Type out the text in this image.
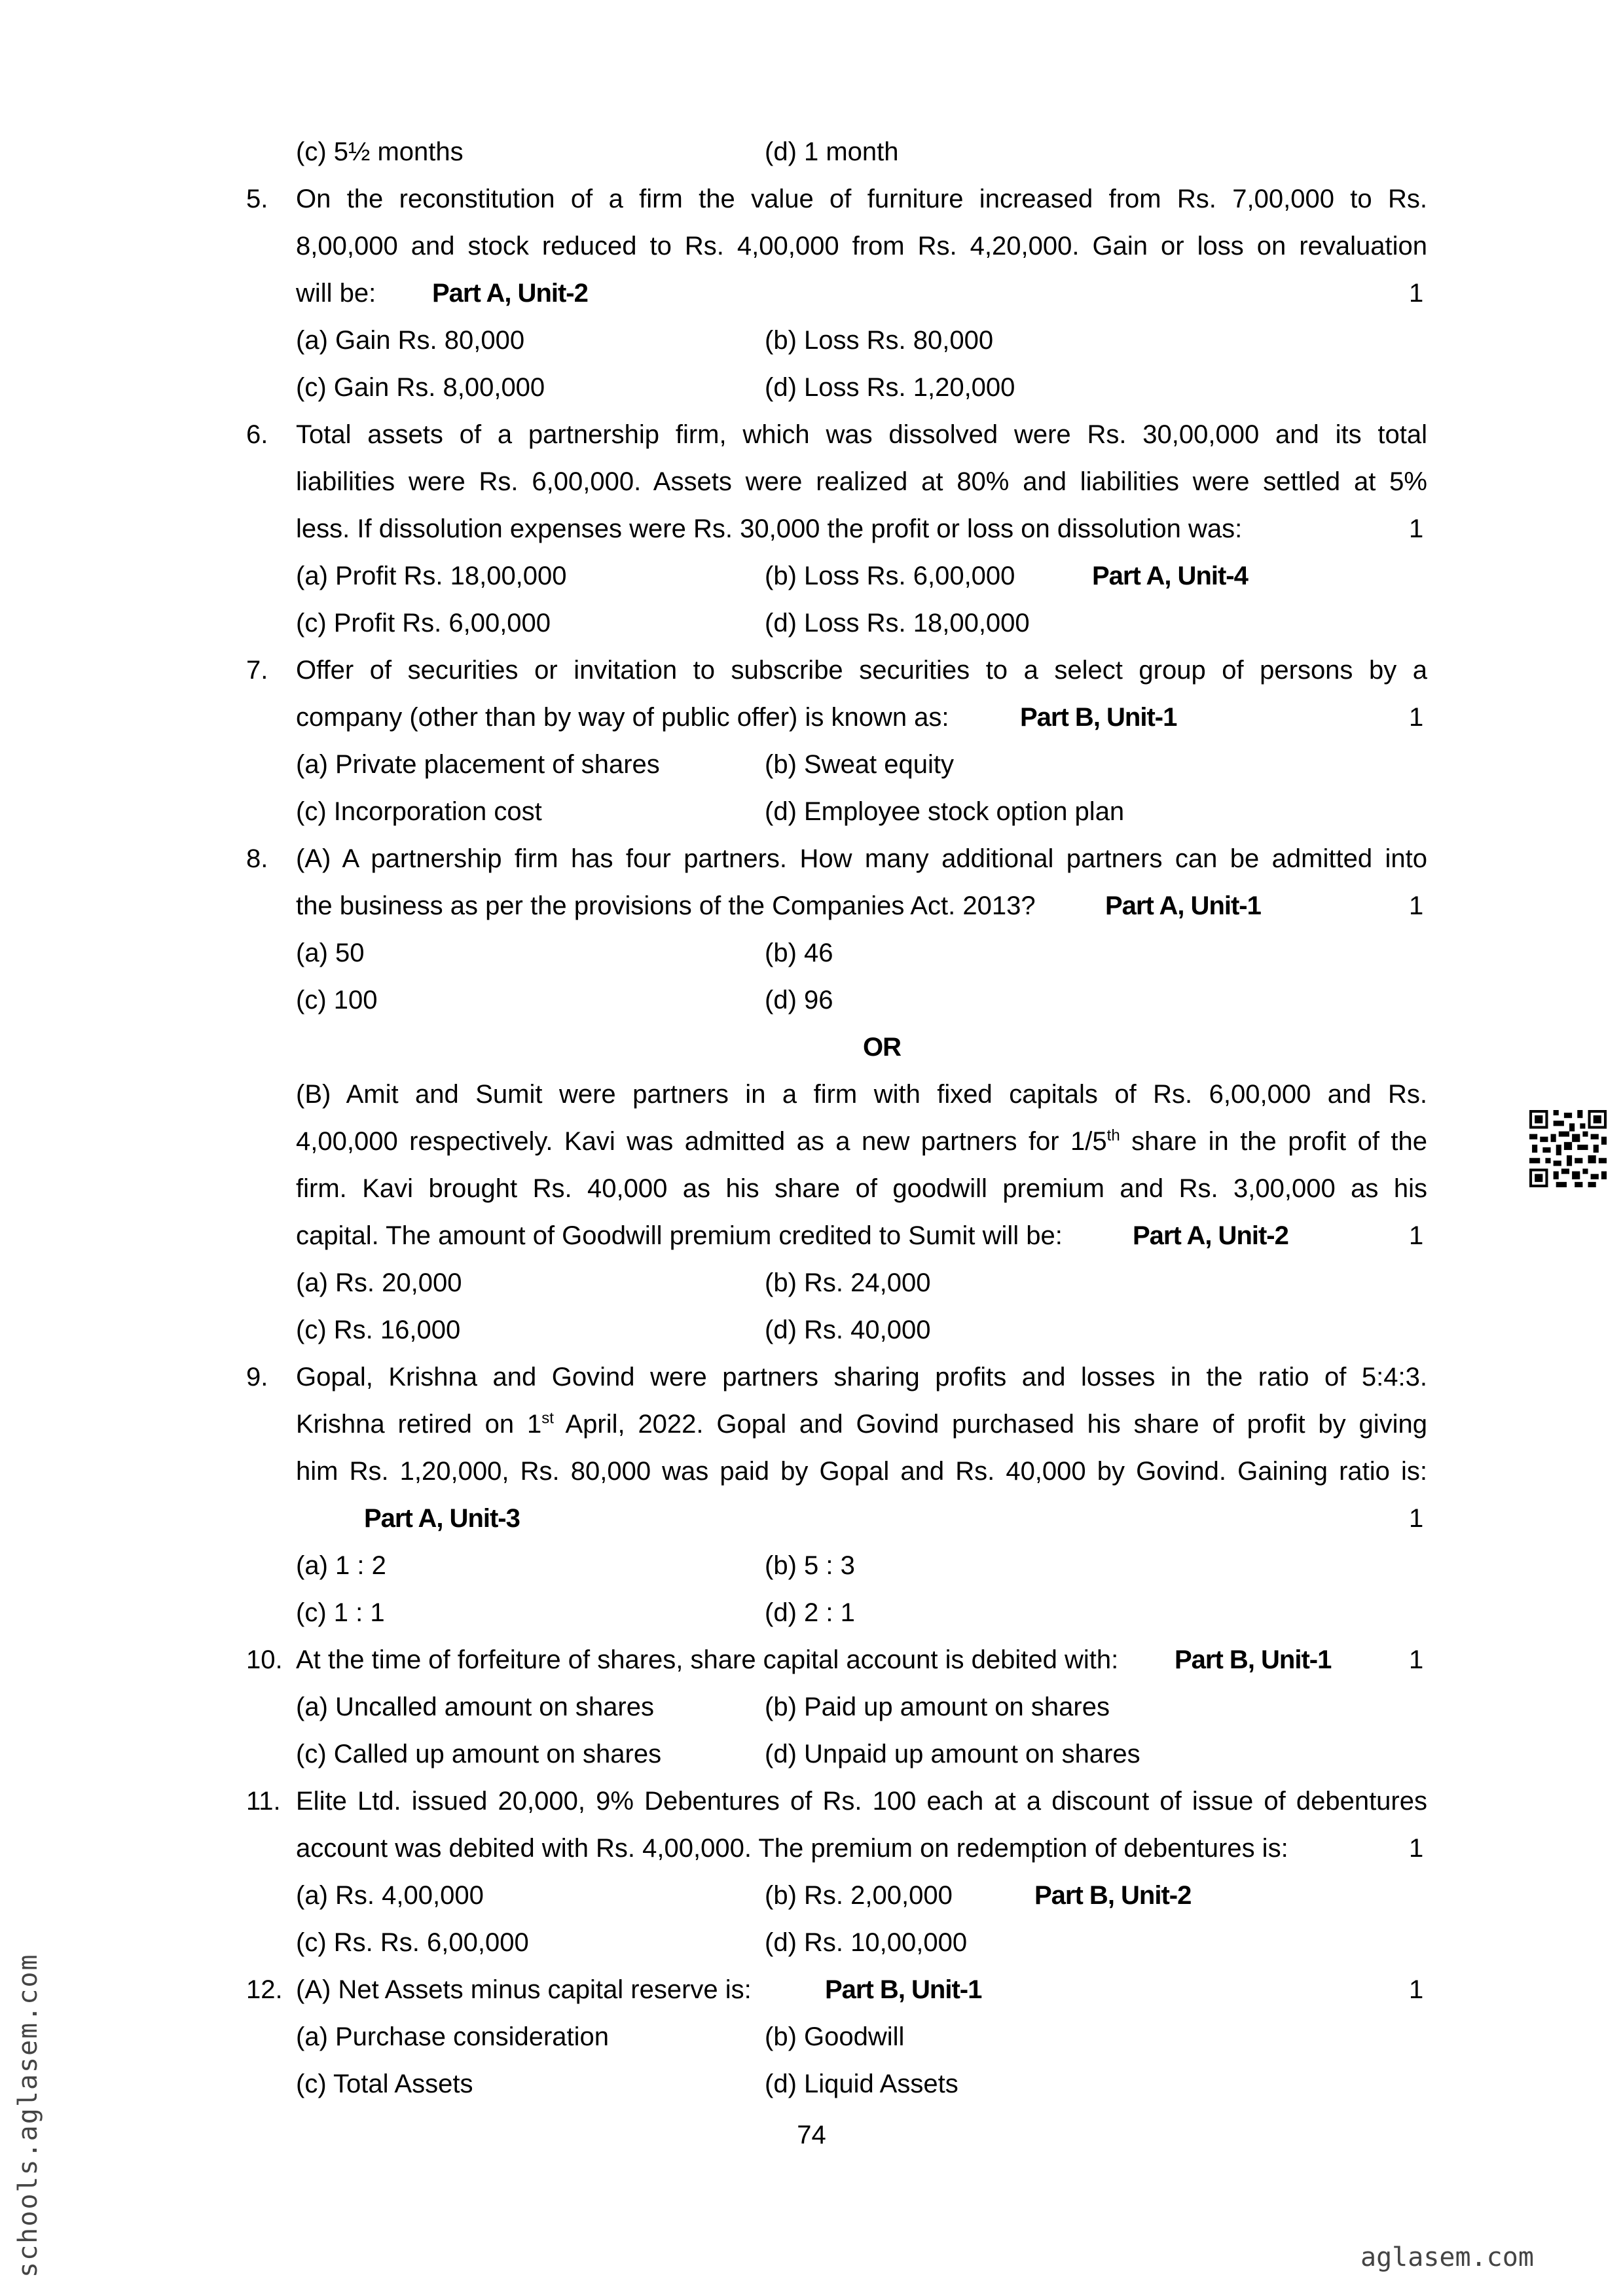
(c) 5½ months	(d) 1 month
5. On the reconstitution of a firm the value of furniture increased from Rs. 7,00,000 to Rs.
8,00,000 and stock reduced to Rs. 4,00,000 from Rs. 4,20,000. Gain or loss on revaluation
will be:	Part A, Unit-2	1
(a) Gain Rs. 80,000	(b) Loss Rs. 80,000
(c) Gain Rs. 8,00,000	(d) Loss Rs. 1,20,000
6. Total assets of a partnership firm, which was dissolved were Rs. 30,00,000 and its total
liabilities were Rs. 6,00,000. Assets were realized at 80% and liabilities were settled at 5%
less. If dissolution expenses were Rs. 30,000 the profit or loss on dissolution was:	1
(a) Profit Rs. 18,00,000	(b) Loss Rs. 6,00,000	Part A, Unit-4
(c) Profit Rs. 6,00,000	(d) Loss Rs. 18,00,000
7. Offer of securities or invitation to subscribe securities to a select group of persons by a
company (other than by way of public offer) is known as:	Part B, Unit-1	1
(a) Private placement of shares	(b) Sweat equity
(c) Incorporation cost	(d) Employee stock option plan
8. (A) A partnership firm has four partners. How many additional partners can be admitted into
the business as per the provisions of the Companies Act. 2013?	Part A, Unit-1	1
(a) 50	(b) 46
(c) 100	(d) 96
OR
(B) Amit and Sumit were partners in a firm with fixed capitals of Rs. 6,00,000 and Rs.
4,00,000 respectively. Kavi was admitted as a new partners for 1/5th share in the profit of the
firm. Kavi brought Rs. 40,000 as his share of goodwill premium and Rs. 3,00,000 as his
capital. The amount of Goodwill premium credited to Sumit will be:	Part A, Unit-2	1
(a) Rs. 20,000	(b) Rs. 24,000
(c) Rs. 16,000	(d) Rs. 40,000
9. Gopal, Krishna and Govind were partners sharing profits and losses in the ratio of 5:4:3.
Krishna retired on 1st April, 2022. Gopal and Govind purchased his share of profit by giving
him Rs. 1,20,000, Rs. 80,000 was paid by Gopal and Rs. 40,000 by Govind. Gaining ratio is:
Part A, Unit-3	1
(a) 1 : 2	(b) 5 : 3
(c) 1 : 1	(d) 2 : 1
10. At the time of forfeiture of shares, share capital account is debited with:	Part B, Unit-1	1
(a) Uncalled amount on shares	(b) Paid up amount on shares
(c) Called up amount on shares	(d) Unpaid up amount on shares
11. Elite Ltd. issued 20,000, 9% Debentures of Rs. 100 each at a discount of issue of debentures
account was debited with Rs. 4,00,000. The premium on redemption of debentures is:	1
(a) Rs. 4,00,000	(b) Rs. 2,00,000	Part B, Unit-2
(c) Rs. Rs. 6,00,000	(d) Rs. 10,00,000
12. (A) Net Assets minus capital reserve is:	Part B, Unit-1	1
(a) Purchase consideration	(b) Goodwill
(c) Total Assets	(d) Liquid Assets
74
schools.aglasem.com	aglasem.com
